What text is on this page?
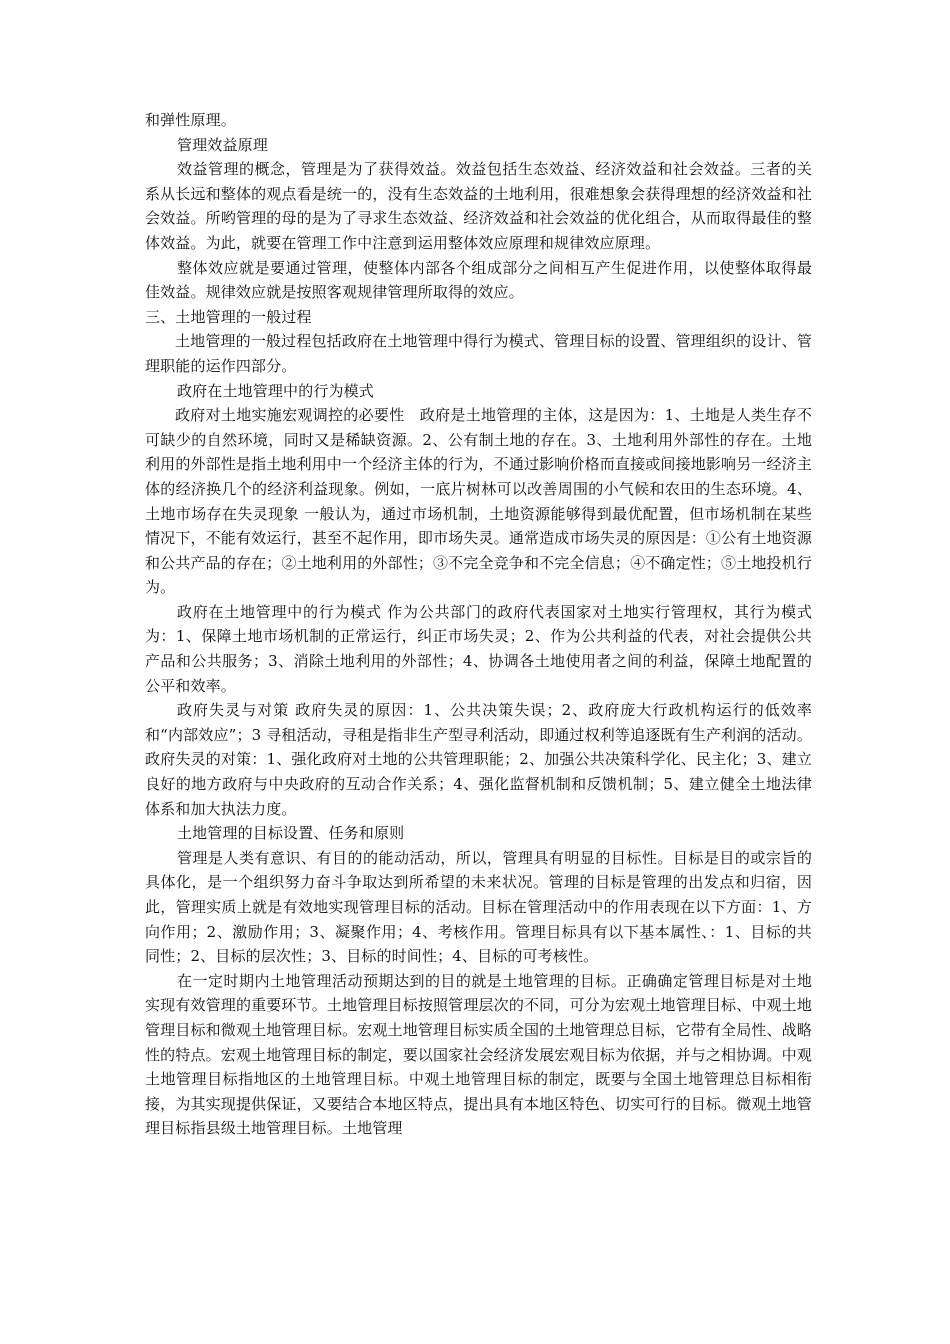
和弹性原理。

管理效益原理

效益管理的概念，管理是为了获得效益。效益包括生态效益、经济效益和社会效益。三者的关系从长远和整体的观点看是统一的，没有生态效益的土地利用，很难想象会获得理想的经济效益和社会效益。所哟管理的母的是为了寻求生态效益、经济效益和社会效益的优化组合，从而取得最佳的整体效益。为此，就要在管理工作中注意到运用整体效应原理和规律效应原理。

整体效应就是要通过管理，使整体内部各个组成部分之间相互产生促进作用，以使整体取得最佳效益。规律效应就是按照客观规律管理所取得的效应。

三、土地管理的一般过程

土地管理的一般过程包括政府在土地管理中得行为模式、管理目标的设置、管理组织的设计、管理职能的运作四部分。

政府在土地管理中的行为模式

政府对土地实施宏观调控的必要性　政府是土地管理的主体，这是因为：1、土地是人类生存不可缺少的自然环境，同时又是稀缺资源。2、公有制土地的存在。3、土地利用外部性的存在。土地利用的外部性是指土地利用中一个经济主体的行为，不通过影响价格而直接或间接地影响另一经济主体的经济换几个的经济利益现象。例如，一底片树林可以改善周围的小气候和农田的生态环境。4、土地市场存在失灵现象 一般认为，通过市场机制，土地资源能够得到最优配置，但市场机制在某些情况下，不能有效运行，甚至不起作用，即市场失灵。通常造成市场失灵的原因是：①公有土地资源和公共产品的存在；②土地利用的外部性；③不完全竞争和不完全信息；④不确定性；⑤土地投机行为。

政府在土地管理中的行为模式 作为公共部门的政府代表国家对土地实行管理权，其行为模式为：1、保障土地市场机制的正常运行，纠正市场失灵；2、作为公共利益的代表，对社会提供公共产品和公共服务；3、消除土地利用的外部性；4、协调各土地使用者之间的利益，保障土地配置的公平和效率。

政府失灵与对策 政府失灵的原因：1、公共决策失误；2、政府庞大行政机构运行的低效率和“内部效应”；3 寻租活动，寻租是指非生产型寻利活动，即通过权利等追逐既有生产利润的活动。政府失灵的对策：1、强化政府对土地的公共管理职能；2、加强公共决策科学化、民主化；3、建立良好的地方政府与中央政府的互动合作关系；4、强化监督机制和反馈机制；5、建立健全土地法律体系和加大执法力度。

土地管理的目标设置、任务和原则

管理是人类有意识、有目的的能动活动，所以，管理具有明显的目标性。目标是目的或宗旨的具体化，是一个组织努力奋斗争取达到所希望的未来状况。管理的目标是管理的出发点和归宿，因此，管理实质上就是有效地实现管理目标的活动。目标在管理活动中的作用表现在以下方面：1、方向作用；2、激励作用；3、凝聚作用；4、考核作用。管理目标具有以下基本属性、：1、目标的共同性；2、目标的层次性；3、目标的时间性；4、目标的可考核性。

在一定时期内土地管理活动预期达到的目的就是土地管理的目标。正确确定管理目标是对土地实现有效管理的重要环节。土地管理目标按照管理层次的不同，可分为宏观土地管理目标、中观土地管理目标和微观土地管理目标。宏观土地管理目标实质全国的土地管理总目标，它带有全局性、战略性的特点。宏观土地管理目标的制定，要以国家社会经济发展宏观目标为依据，并与之相协调。中观土地管理目标指地区的土地管理目标。中观土地管理目标的制定，既要与全国土地管理总目标相衔接，为其实现提供保证，又要结合本地区特点，提出具有本地区特色、切实可行的目标。微观土地管理目标指县级土地管理目标。土地管理
